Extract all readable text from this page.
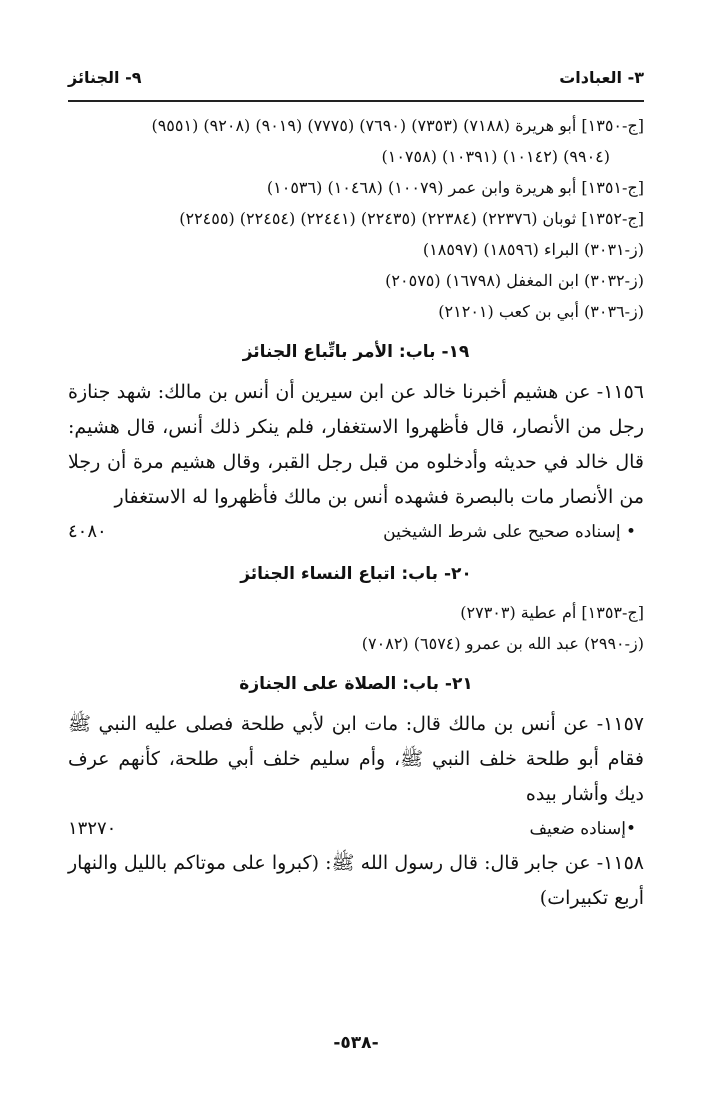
٩- الجنائز	٣- العبادات
[ج-١٣٥٠] أبو هريرة (٧١٨٨) (٧٣٥٣) (٧٦٩٠) (٧٧٧٥) (٩٠١٩) (٩٢٠٨) (٩٥٥١)
(٩٩٠٤) (١٠١٤٢) (١٠٣٩١) (١٠٧٥٨)
[ج-١٣٥١] أبو هريرة وابن عمر (١٠٠٧٩) (١٠٤٦٨) (١٠٥٣٦)
[ج-١٣٥٢] ثوبان (٢٢٣٧٦) (٢٢٣٨٤) (٢٢٤٣٥) (٢٢٤٤١) (٢٢٤٥٤) (٢٢٤٥٥)
(ز-٣٠٣١) البراء (١٨٥٩٦) (١٨٥٩٧)
(ز-٣٠٣٢) ابن المغفل (١٦٧٩٨) (٢٠٥٧٥)
(ز-٣٠٣٦) أبي بن كعب (٢١٢٠١)
١٩- باب: الأمر باتِّباع الجنائز
١١٥٦- عن هشيم أخبرنا خالد عن ابن سيرين أن أنس بن مالك: شهد جنازة رجل من الأنصار، قال فأظهروا الاستغفار، فلم ينكر ذلك أنس، قال هشيم: قال خالد في حديثه وأدخلوه من قبل رجل القبر، وقال هشيم مرة أن رجلا من الأنصار مات بالبصرة فشهده أنس بن مالك فأظهروا له الاستغفار
• إسناده صحيح على شرط الشيخين
٤٠٨٠
٢٠- باب: اتباع النساء الجنائز
[ج-١٣٥٣] أم عطية (٢٧٣٠٣)
(ز-٢٩٩٠) عبد الله بن عمرو (٦٥٧٤) (٧٠٨٢)
٢١- باب: الصلاة على الجنازة
١١٥٧- عن أنس بن مالك قال: مات ابن لأبي طلحة فصلى عليه النبي ﷺ فقام أبو طلحة خلف النبي ﷺ، وأم سليم خلف أبي طلحة، كأنهم عرف ديك وأشار بيده
•إسناده ضعيف
١٣٢٧٠
١١٥٨- عن جابر قال: قال رسول الله ﷺ: (كبروا على موتاكم بالليل والنهار أربع تكبيرات)
-٥٣٨-
